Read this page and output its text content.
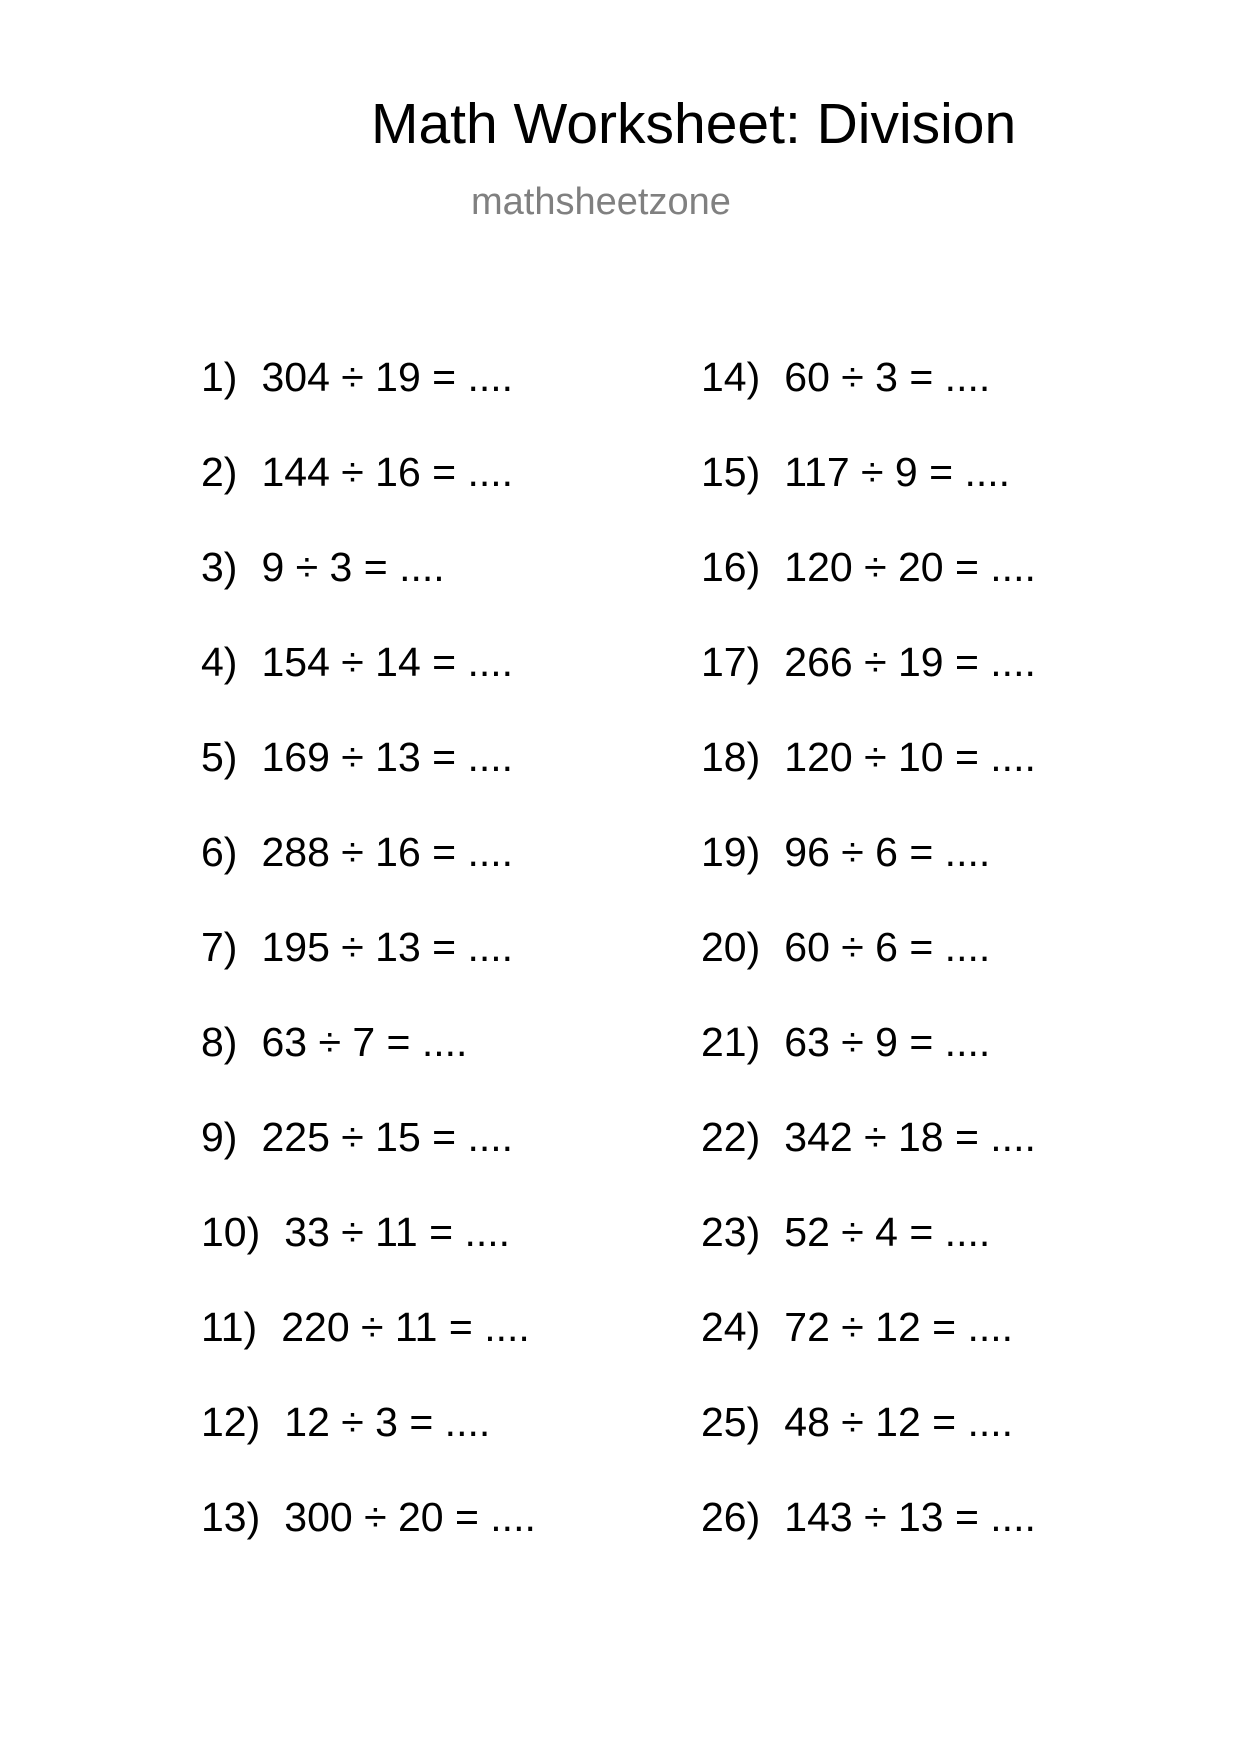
Math Worksheet: Division
mathsheetzone
1) 304 ÷ 19 = ....
2) 144 ÷ 16 = ....
3) 9 ÷ 3 = ....
4) 154 ÷ 14 = ....
5) 169 ÷ 13 = ....
6) 288 ÷ 16 = ....
7) 195 ÷ 13 = ....
8) 63 ÷ 7 = ....
9) 225 ÷ 15 = ....
10) 33 ÷ 11 = ....
11) 220 ÷ 11 = ....
12) 12 ÷ 3 = ....
13) 300 ÷ 20 = ....
14) 60 ÷ 3 = ....
15) 117 ÷ 9 = ....
16) 120 ÷ 20 = ....
17) 266 ÷ 19 = ....
18) 120 ÷ 10 = ....
19) 96 ÷ 6 = ....
20) 60 ÷ 6 = ....
21) 63 ÷ 9 = ....
22) 342 ÷ 18 = ....
23) 52 ÷ 4 = ....
24) 72 ÷ 12 = ....
25) 48 ÷ 12 = ....
26) 143 ÷ 13 = ....
